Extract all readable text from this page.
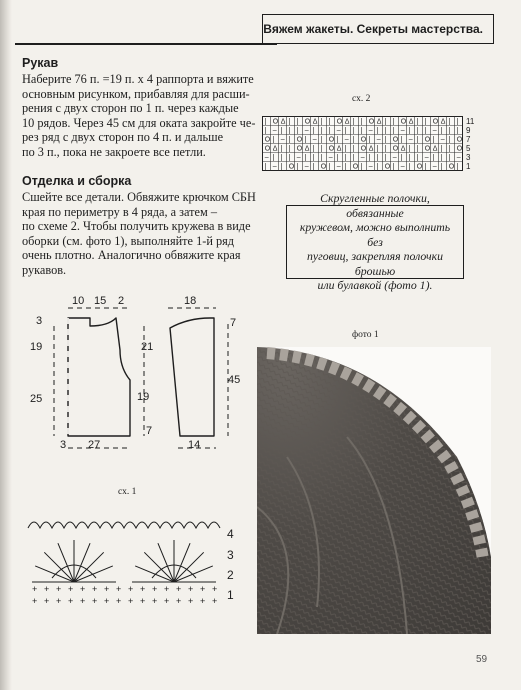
Вяжем жакеты. Секреты мастерства.
Рукав
Наберите 76 п. =19 п. х 4 раппорта и вяжите
основным рисунком, прибавляя для расши-
рения с двух сторон по 1 п. через каждые
10 рядов. Через 45 см для оката закройте че-
рез ряд с двух сторон по 4 п. и дальше
по 3 п., пока не закроете все петли.
Отделка и сборка
Сшейте все детали. Обвяжите крючком СБН
края по периметру в 4 ряда, а затем –
по схеме 2. Чтобы получить кружева в виде
оборки (см. фото 1), выполняйте 1-й ряд
очень плотно. Аналогично обвяжите края
рукавов.
сх. 2
| O Δ | | O Δ | | O Δ | | O Δ | | O Δ | | O Δ | |
| – | | | – | | | – | | | – | | | – | | | – | | |
O | – | O | – | O | – | O | – | O | – | O | – | O
O Δ | | O Δ | | O Δ | | O Δ | | O Δ | | O Δ | | O
– | | | – | | | – | | | – | | | – | | | – | | | –
| – | O | – | O | – | O | – | O | – | O | – | O |
11
9
7
5
3
1
Скругленные полочки, обвязанные
кружевом, можно выполнить без
пуговиц, закрепляя полочки брошью
или булавкой (фото 1).
10 15 2
3
19
25
21
19
7
3 27
18
7
45
14
сх. 1
+
+
+
+
+
+
+
+
+
+
+
+
+
+
+
+
+
+
+
+
+
+
+
+
+
+
+
+
+
+
+
+
4
3
2
1
фото 1
59
